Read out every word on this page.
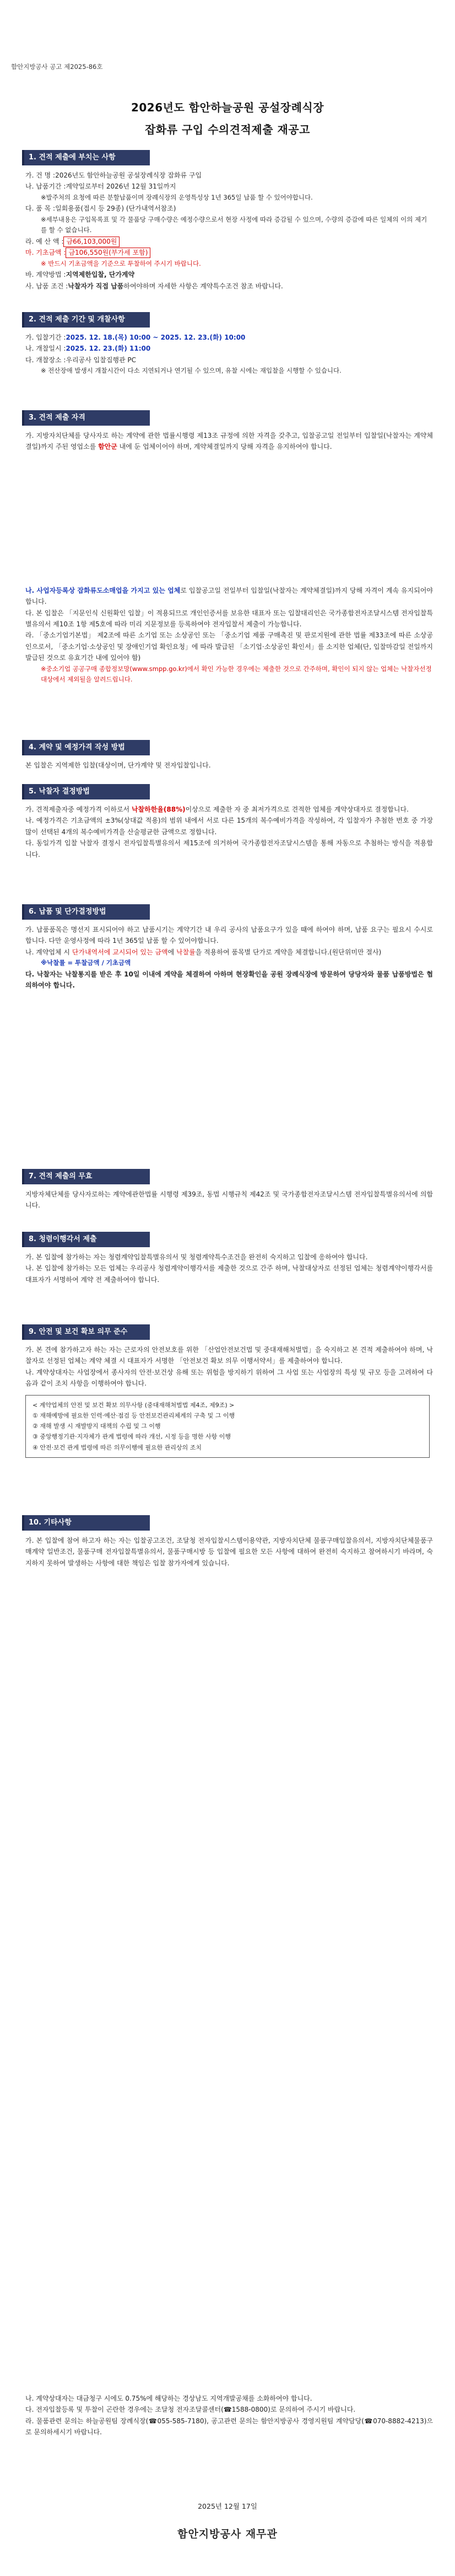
함안지방공사 공고 제2025-86호
2026년도 함안하늘공원 공설장례식장
잡화류 구입 수의견적제출 재공고
1. 견적 제출에 부치는 사항
가. 건 명 : 2026년도 함안하늘공원 공설장례식장 잡화류 구입
나. 납품기간 : 계약일로부터 2026년 12월 31일까지
※발주처의 요청에 따른 분할납품이며 장례식장의 운영특성상 1년 365일 납품 할 수 있어야합니다.
다. 품 목 : 일회용품(접시 등 29종) (단가내역서참조)
※세부내용은 구입목록표 및 각 물품당 구매수량은 예정수량으로서 현장 사정에 따라 증감될 수 있으며, 수량의 증감에 따른 일체의 이의 제기를 할 수 없습니다.
라. 예 산 액 : 금66,103,000원
마. 기초금액 : 금106,550원(부가세 포함)
※ 반드시 기초금액을 기준으로 투찰하여 주시기 바랍니다.
바. 계약방법 : 지역제한입찰, 단가계약
사. 납품 조건 : 낙찰자가 직접 납품하여야하며 자세한 사항은 계약특수조건 참조 바랍니다.
2. 견적 제출 기간 및 개찰사항
가. 입찰기간 : 2025. 12. 18.(목) 10:00 ~ 2025. 12. 23.(화) 10:00
나. 개찰일시 : 2025. 12. 23.(화) 11:00
다. 개찰장소 : 우리공사 입찰집행관 PC
※ 전산장애 발생시 개찰시간이 다소 지연되거나 연기될 수 있으며, 유찰 시에는 재입찰을 시행할 수 있습니다.
3. 견적 제출 자격
가. 지방자치단체를 당사자로 하는 계약에 관한 법률시행령 제13조 규정에 의한 자격을 갖추고, 입찰공고일 전일부터 입찰일(낙찰자는 계약체결일)까지 주된 영업소를 함안군 내에 둔 업체이어야 하며, 계약체결일까지 당해 자격을 유지하여야 합니다.
나. 사업자등록상 잡화류도소매업을 가지고 있는 업체로 입찰공고일 전일부터 입찰일(낙찰자는 계약체결일)까지 당해 자격이 계속 유지되어야합니다.
다. 본 입찰은 「지문인식 신원확인 입찰」이 적용되므로 개인인증서를 보유한 대표자 또는 입찰대리인은 국가종합전자조달시스템 전자입찰특별유의서 제10조 1항 제5호에 따라 미리 지문정보를 등록하여야 전자입찰서 제출이 가능합니다.
라. 「중소기업기본법」 제2조에 따른 소기업 또는 소상공인 또는 「중소기업 제품 구매촉진 및 판로지원에 관한 법률 제33조에 따른 소상공인으로서, 「중소기업·소상공인 및 장애인기업 확인요청」에 따라 발급된 「소기업·소상공인 확인서」를 소지한 업체(단, 입찰마감일 전일까지 발급된 것으로 유효기간 내에 있어야 함)
※중소기업 공공구매 종합정보망(www.smpp.go.kr)에서 확인 가능한 경우에는 제출한 것으로 간주하며, 확인이 되지 않는 업체는 낙찰자선정 대상에서 제외될을 알려드립니다.
4. 계약 및 예정가격 작성 방법
본 입찰은 지역제한 입찰(대상이며, 단가계약 및 전자입찰입니다.
5. 낙찰자 결정방법
가. 견적제출자중 예정가격 이하로서 낙찰하한율(88%)이상으로 제출한 자 중 최저가격으로 견적한 업체를 계약상대자로 결정합니다.
나. 예정가격은 기초금액의 ±3%(상대값 적용)의 범위 내에서 서로 다른 15개의 복수예비가격을 작성하여, 각 입찰자가 추첨한 번호 중 가장 많이 선택된 4개의 복수예비가격을 산술평균한 금액으로 정합니다.
다. 동일가격 입찰 낙찰자 결정시 전자입찰특별유의서 제15조에 의거하여 국가종합전자조달시스템을 통해 자동으로 추첨하는 방식을 적용합니다.
6. 납품 및 단가결정방법
가. 납품품목은 명선지 표시되어야 하고 납품시기는 계약기간 내 우리 공사의 납품요구가 있을 때에 하여야 하며, 납품 요구는 필요시 수시로 합니다. 다만 운영사정에 따라 1년 365일 납품 할 수 있어야합니다.
나. 계약업체 시 단가내역서에 교시되어 있는 금액에 낙찰률을 적용하여 품목별 단가로 계약을 체결합니다.(원단위미만 절사)
※낙찰률 = 투찰금액 / 기초금액
다. 낙찰자는 낙찰통지를 받은 후 10일 이내에 계약을 체결하여 아하며 현장확인을 공원 장례식장에 방문하여 당당자와 물품 납품방법은 협의하여야 합니다.
7. 견적 제출의 무효
지방자체단체를 당사자로하는 계약에관한법률 시행령 제39조, 동법 시행규칙 제42조 및 국가종합전자조달시스템 전자입찰특별유의서에 의합니다.
8. 청렴이행각서 제출
가. 본 입찰에 참가하는 자는 청렴계약입찰특별유의서 및 청렴계약특수조건을 완전히 숙지하고 입찰에 응하여야 합니다.
나. 본 입찰에 참가하는 모든 업체는 우리공사 청렴계약이행각서를 제출한 것으로 간주 하며, 낙찰대상자로 선정된 업체는 청렴계약이행각서를 대표자가 서명하여 계약 전 제출하여야 합니다.
9. 안전 및 보건 확보 의무 준수
가. 본 견에 참가하고자 하는 자는 근로자의 안전보호를 위한 「산업안전보건법 및 중대재해처벌법」을 숙지하고 본 견적 제출하여야 하며, 낙찰자로 선정된 업체는 계약 체결 시 대표자가 서명한 「안전보건 확보 의무 이행서약서」를 제출하여야 합니다.
나. 계약상대자는 사업장에서 종사자의 안전·보건상 유해 또는 위험을 방지하기 위하여 그 사업 또는 사업장의 특성 및 규모 등을 고려하여 다음과 같이 조치 사항을 이행하여야 합니다.
< 계약업체의 안전 및 보건 확보 의무사항 (중대재해처벌법 제4조, 제9조) >
① 재해예방에 필요한 인력·예산·점검 등 안전보건관리체계의 구축 및 그 이행
② 재해 발생 시 재발방지 대책의 수립 및 그 이행
③ 중앙행정기관·지자체가 관계 법령에 따라 개선, 시정 등을 명한 사항 이행
④ 안전·보건 관계 법령에 따른 의무이행에 필요한 관리상의 조치
10. 기타사항
가. 본 입찰에 참여 하고자 하는 자는 입찰공고조건, 조달청 전자입찰시스템이용약관, 지방자치단체 물품구매입찰유의서, 지방자치단체물품구매계약 일반조건, 물품구매 전자입찰특별유의서, 물품구매시방 등 입찰에 필요한 모든 사항에 대하여 완전히 숙지하고 참여하시기 바라며, 숙지하지 못하여 발생하는 사항에 대한 책임은 입찰 참가자에게 있습니다.
나. 계약상대자는 대금청구 시에도 0.75%에 해당하는 경상남도 지역개발공채를 소화하여야 합니다.
다. 전자입찰등록 및 투찰이 곤란한 경우에는 조달청 전자조달콜센터(☎1588-0800)로 문의하여 주시기 바랍니다.
라. 물품관련 문의는 하늘공원팀 장례식장(☎055-585-7180), 공고관련 문의는 함안지방공사 경영지원팀 계약담당(☎070-8882-4213)으로 문의하세시기 바랍니다.
2025년 12월 17일
함안지방공사 재무관
